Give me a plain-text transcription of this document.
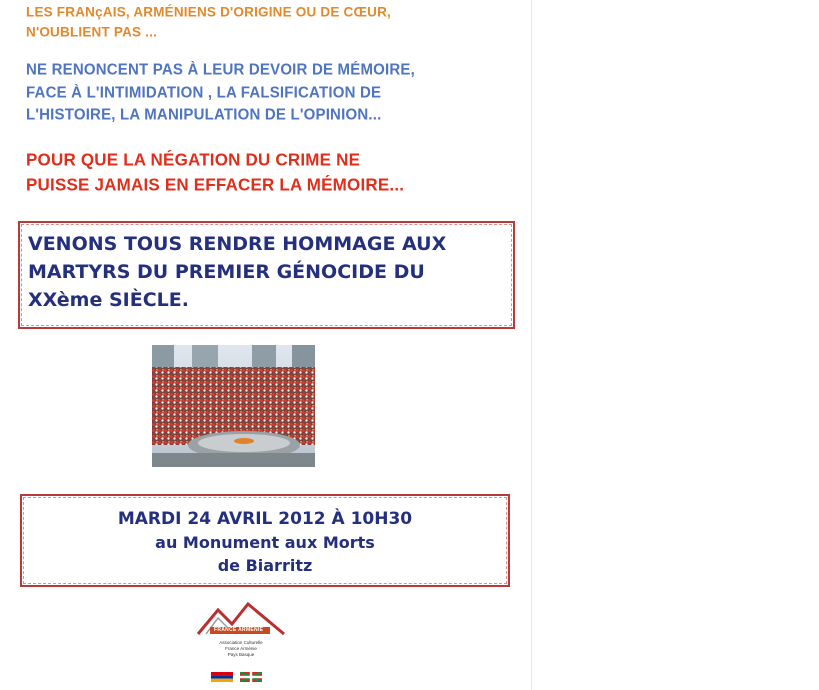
LES FRANçAIS, ARMÉNIENS D'ORIGINE OU DE CŒUR,
N'OUBLIENT PAS ...
NE RENONCENT PAS À LEUR DEVOIR DE MÉMOIRE,
FACE À L'INTIMIDATION , LA FALSIFICATION DE
L'HISTOIRE, LA MANIPULATION DE L'OPINION...
POUR QUE LA NÉGATION DU CRIME NE
PUISSE JAMAIS EN EFFACER LA MÉMOIRE...
VENONS TOUS RENDRE HOMMAGE AUX
MARTYRS DU PREMIER GÉNOCIDE DU
XXème SIÈCLE.
MARDI 24 AVRIL 2012 À 10H30
au Monument aux Morts
de Biarritz
FRANCE ARMÉNIE
Association Culturelle
France Arménie
Pays Basque
